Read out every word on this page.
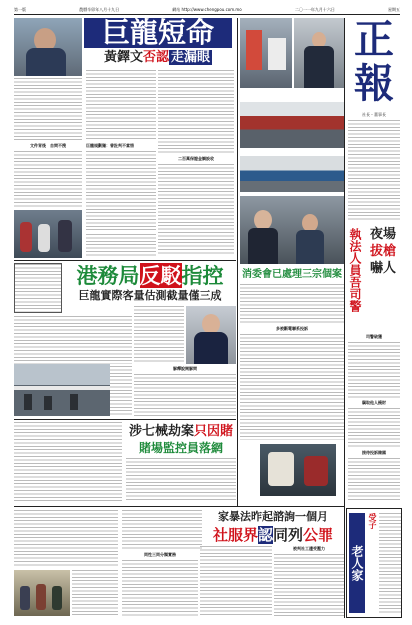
第一版	農曆辛卯年八月十九日	網站 http://www.chengpou.com.mo	二〇一一年九月十六日	星期五
巨龍短命
黃鐸文否認 走漏眼
巨龍規劃獨：曾批判不當惜
二百萬保證金調設收
文件背後　自問不搜
港務局反駁指控
巨龍實際客量估測截量僅三成
解釋說開解問
涉七械劫案只因賭
賭場監控員落網
家暴法昨起諮詢一個月
社服界認同列公罪
同性三同分類實務
被判社工遭受壓力
消委會已處理三宗個案
多被斷電聯系投訴
正
報
社長・董事長
執法人員吾司警
夜場
拔槍
嚇人
司警破獲
竊取他人錢財
接待投訴陳國
老人家
受子
